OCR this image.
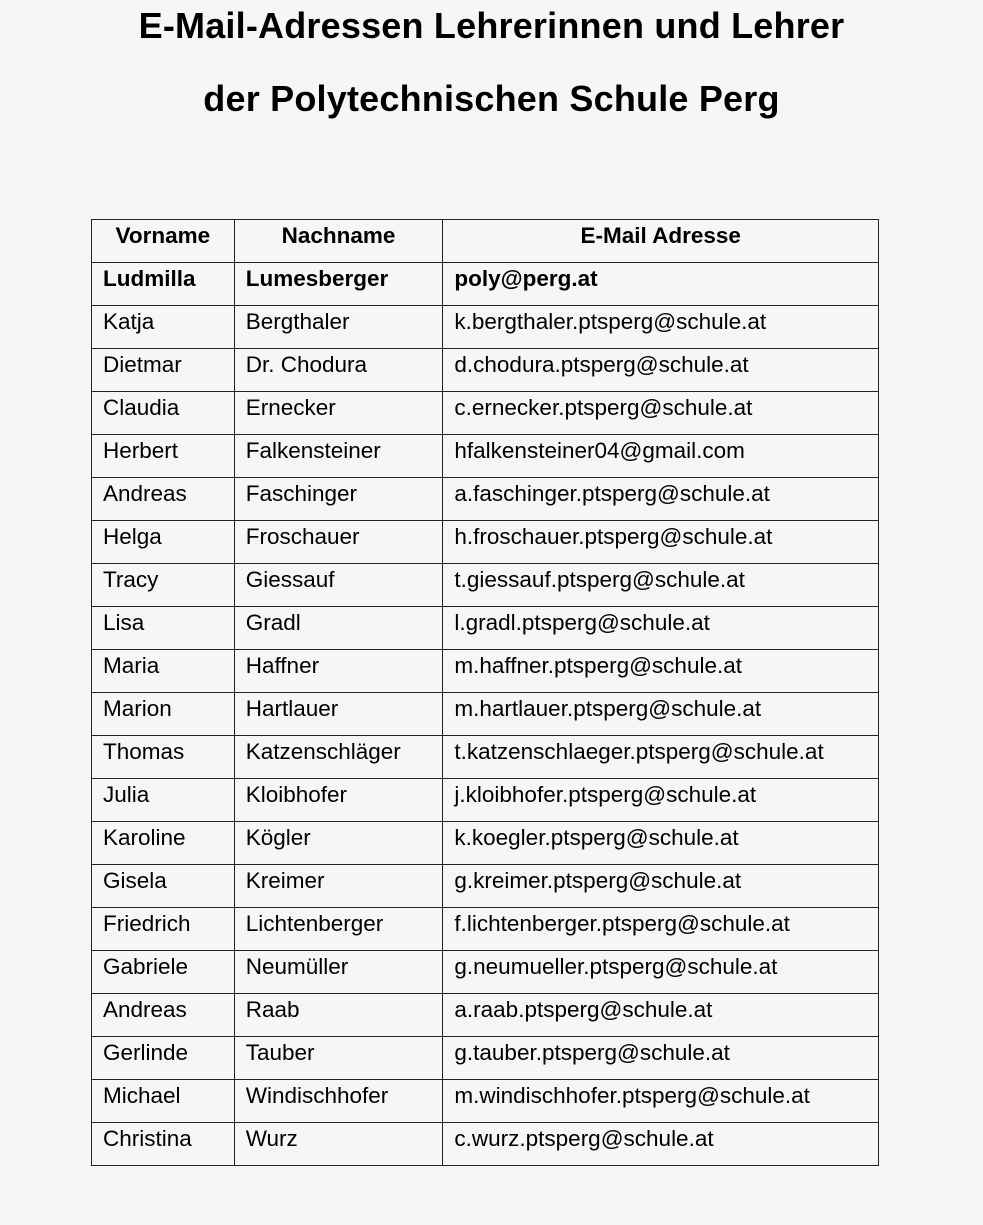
E-Mail-Adressen Lehrerinnen und Lehrer
der Polytechnischen Schule Perg
Vorname	Nachname	E-Mail Adresse
Ludmilla	Lumesberger	poly@perg.at
Katja	Bergthaler	k.bergthaler.ptsperg@schule.at
Dietmar	Dr. Chodura	d.chodura.ptsperg@schule.at
Claudia	Ernecker	c.ernecker.ptsperg@schule.at
Herbert	Falkensteiner	hfalkensteiner04@gmail.com
Andreas	Faschinger	a.faschinger.ptsperg@schule.at
Helga	Froschauer	h.froschauer.ptsperg@schule.at
Tracy	Giessauf	t.giessauf.ptsperg@schule.at
Lisa	Gradl	l.gradl.ptsperg@schule.at
Maria	Haffner	m.haffner.ptsperg@schule.at
Marion	Hartlauer	m.hartlauer.ptsperg@schule.at
Thomas	Katzenschläger	t.katzenschlaeger.ptsperg@schule.at
Julia	Kloibhofer	j.kloibhofer.ptsperg@schule.at
Karoline	Kögler	k.koegler.ptsperg@schule.at
Gisela	Kreimer	g.kreimer.ptsperg@schule.at
Friedrich	Lichtenberger	f.lichtenberger.ptsperg@schule.at
Gabriele	Neumüller	g.neumueller.ptsperg@schule.at
Andreas	Raab	a.raab.ptsperg@schule.at
Gerlinde	Tauber	g.tauber.ptsperg@schule.at
Michael	Windischhofer	m.windischhofer.ptsperg@schule.at
Christina	Wurz	c.wurz.ptsperg@schule.at
